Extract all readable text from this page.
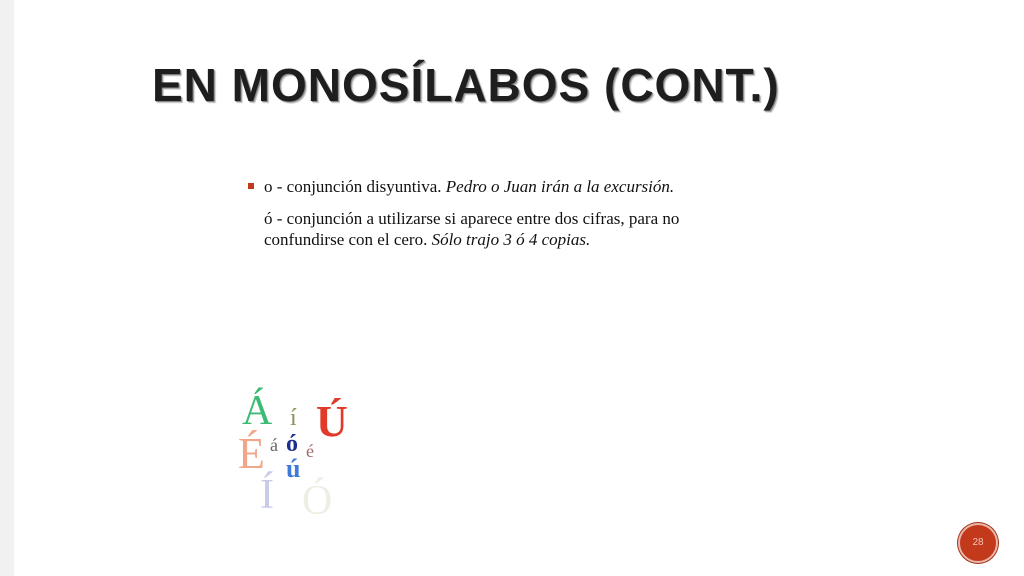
EN MONOSÍLABOS (CONT.)
o - conjunción disyuntiva. Pedro o Juan irán a la excursión.

ó - conjunción a utilizarse si aparece entre dos cifras, para no confundirse con el cero. Sólo trajo 3 ó 4 copias.

Á í Ú
É á ó é
ú
Í Ó
28
